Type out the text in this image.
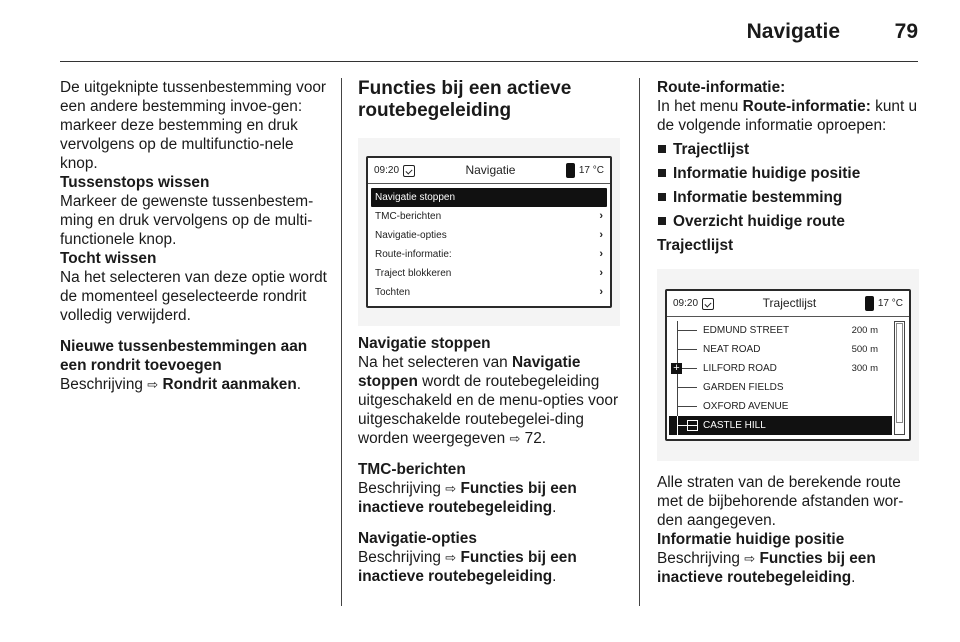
Navigatie	79

De uitgeknipte tussenbestemming voor een andere bestemming invoe-gen: markeer deze bestemming en druk vervolgens op de multifunctio-nele knop.

Tussenstops wissen

Markeer de gewenste tussenbestem-ming en druk vervolgens op de multi-functionele knop.

Tocht wissen

Na het selecteren van deze optie wordt de momenteel geselecteerde rondrit volledig verwijderd.

Nieuwe tussenbestemmingen aan een rondrit toevoegen

Beschrijving ⇨ Rondrit aanmaken.

Functies bij een actieve routebegeleiding

09:20	Navigatie	17 °C
Navigatie stoppen
TMC-berichten	›
Navigatie-opties	›
Route-informatie:	›
Traject blokkeren	›
Tochten	›

Navigatie stoppen

Na het selecteren van Navigatie stoppen wordt de routebegeleiding uitgeschakeld en de menu-opties voor uitgeschakelde routebegelei-ding worden weergegeven ⇨ 72.

TMC-berichten

Beschrijving ⇨ Functies bij een inactieve routebegeleiding.

Navigatie-opties

Beschrijving ⇨ Functies bij een inactieve routebegeleiding.

Route-informatie:

In het menu Route-informatie: kunt u de volgende informatie oproepen:

Trajectlijst
Informatie huidige positie
Informatie bestemming
Overzicht huidige route

Trajectlijst

09:20	Trajectlijst	17 °C
EDMUND STREET	200 m
NEAT ROAD	500 m
+	LILFORD ROAD	300 m
GARDEN FIELDS
OXFORD AVENUE
CASTLE HILL

Alle straten van de berekende route met de bijbehorende afstanden wor-den aangegeven.

Informatie huidige positie

Beschrijving ⇨ Functies bij een inactieve routebegeleiding.
